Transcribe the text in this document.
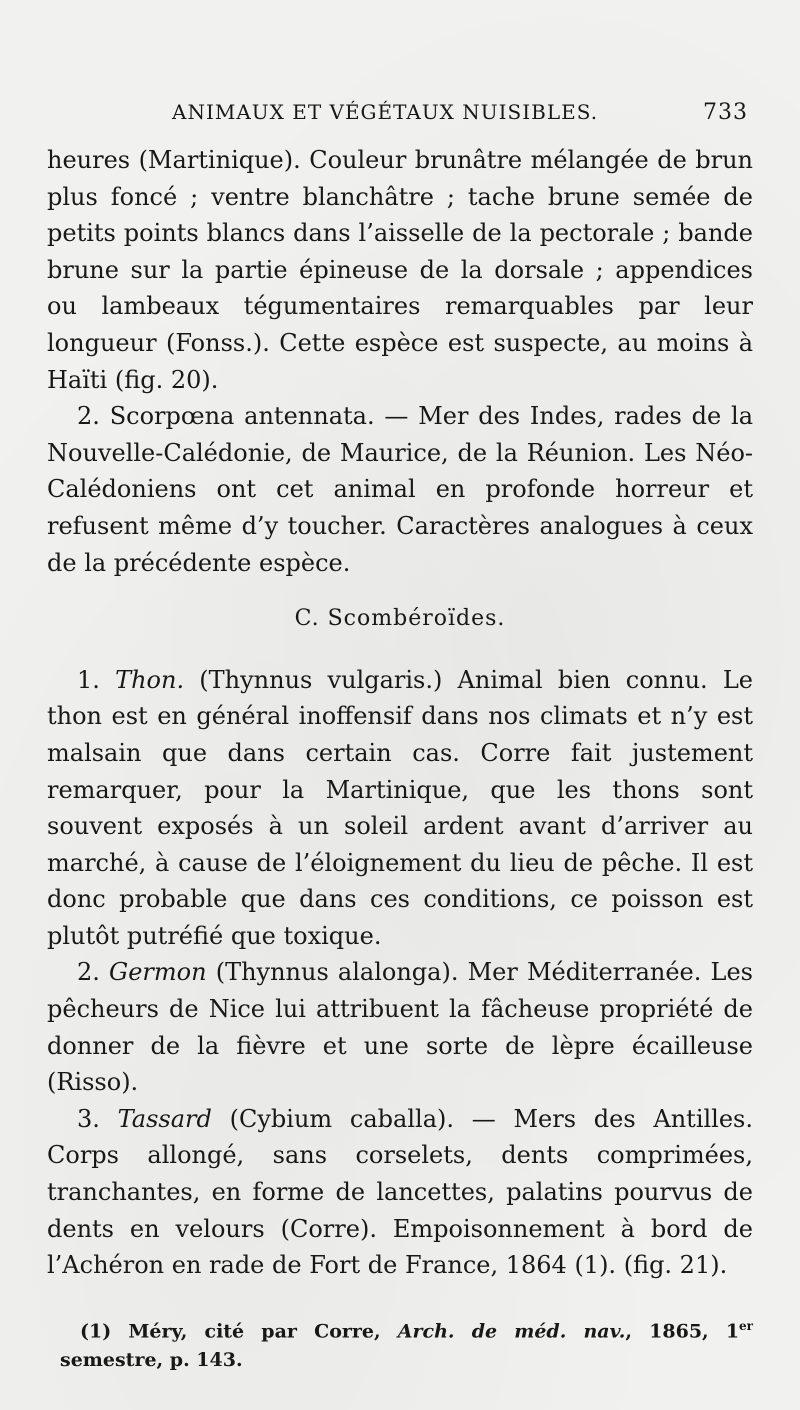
ANIMAUX ET VÉGÉTAUX NUISIBLES.	733

heures (Martinique). Couleur brunâtre mélangée de brun plus foncé ; ventre blanchâtre ; tache brune semée de petits points blancs dans l’aisselle de la pectorale ; bande brune sur la partie épineuse de la dorsale ; appendices ou lambeaux tégumentaires remarquables par leur longueur (Fonss.). Cette espèce est suspecte, au moins à Haïti (fig. 20).

2. Scorpœna antennata. — Mer des Indes, rades de la Nouvelle-Calédonie, de Maurice, de la Réunion. Les Néo-Calédoniens ont cet animal en profonde horreur et refusent même d’y toucher. Caractères analogues à ceux de la précédente espèce.

C. Scombéroïdes.

1. Thon. (Thynnus vulgaris.) Animal bien connu. Le thon est en général inoffensif dans nos climats et n’y est malsain que dans certain cas. Corre fait justement remarquer, pour la Martinique, que les thons sont souvent exposés à un soleil ardent avant d’arriver au marché, à cause de l’éloignement du lieu de pêche. Il est donc probable que dans ces conditions, ce poisson est plutôt putréfié que toxique.

2. Germon (Thynnus alalonga). Mer Méditerranée. Les pêcheurs de Nice lui attribuent la fâcheuse propriété de donner de la fièvre et une sorte de lèpre écailleuse (Risso).

3. Tassard (Cybium caballa). — Mers des Antilles. Corps allongé, sans corselets, dents comprimées, tranchantes, en forme de lancettes, palatins pourvus de dents en velours (Corre). Empoisonnement à bord de l’Achéron en rade de Fort de France, 1864 (1). (fig. 21).

(1) Méry, cité par Corre, Arch. de méd. nav., 1865, 1er semestre, p. 143.
